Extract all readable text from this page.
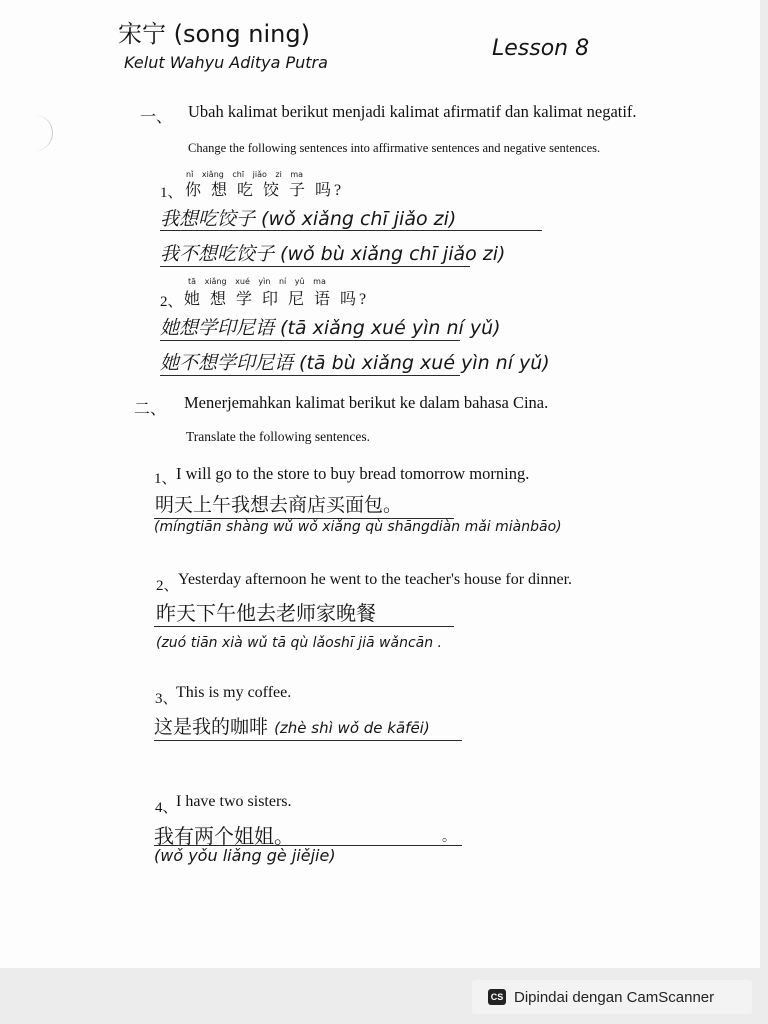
宋宁 (song ning)
Kelut Wahyu Aditya Putra
Lesson 8
一、 Ubah kalimat berikut menjadi kalimat afirmatif dan kalimat negatif.
Change the following sentences into affirmative sentences and negative sentences.
nǐ xiǎng chī jiǎo zi ma
1、 你 想 吃 饺 子 吗?
我想吃饺子 (wǒ xiǎng chī jiǎo zi)
我不想吃饺子 (wǒ bù xiǎng chī jiǎo zi)
tā xiǎng xué yìn ní yǔ ma
2、 她 想 学 印 尼 语 吗?
她想学印尼语 (tā xiǎng xué yìn ní yǔ)
她不想学印尼语 (tā bù xiǎng xué yìn ní yǔ)
二、 Menerjemahkan kalimat berikut ke dalam bahasa Cina.
Translate the following sentences.
1、 I will go to the store to buy bread tomorrow morning.
明天上午我想去商店买面包。
(míngtiān shàng wǔ wǒ xiǎng qù shāngdiàn mǎi miànbāo)
2、 Yesterday afternoon he went to the teacher's house for dinner.
昨天下午他去老师家晚餐
(zuó tiān xià wǔ tā qù lǎoshī jiā wǎncān .
3、
This is my coffee.
这是我的咖啡 (zhè shì wǒ de kāfēi)
4、
I have two sisters.
我有两个姐姐。	。
(wǒ yǒu liǎng gè jiějie)
CS Dipindai dengan CamScanner
